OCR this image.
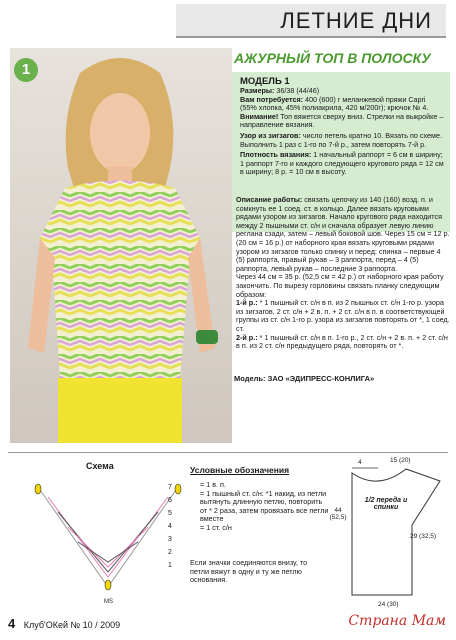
ЛЕТНИЕ ДНИ
1
АЖУРНЫЙ ТОП В ПОЛОСКУ
МОДЕЛЬ 1
Размеры: 36/38 (44/46)
Вам потребуется: 400 (600) г меланжевой пряжи Capri (55% хлопка, 45% полиакрила, 420 м/200г); крючок № 4.
Внимание! Топ вяжется сверху вниз. Стрелки на выкройке – направление вязания.
Узор из зигзагов: число петель кратно 10. Вязать по схеме. Выполнить 1 раз с 1-го по 7-й р., затем повторять 7-й р.
Плотность вязания: 1 начальный раппорт = 6 см в ширину; 1 раппорт 7-го и каждого следующего кругового ряда = 12 см в ширину; 8 р. = 10 см в высоту.
Описание работы: связать цепочку из 140 (160) возд. п. и сомкнуть ее 1 соед. ст. в кольцо. Далее вязать круговыми рядами узором из зигзагов. Начало кругового ряда находится между 2 пышными ст. с/н и сначала образует левую линию реглана сзади, затем – левый боковой шов. Через 15 см = 12 р. (20 см = 16 р.) от наборного края вязать круговыми рядами узором из зигзагов только спинку и перед: спинка – первые 4 (5) раппорта, правый рукав – 3 раппорта, перед – 4 (5) раппорта, левый рукав – последние 3 раппорта.
Через 44 см = 35 р. (52,5 см = 42 р.) от наборного края работу закончить. По вырезу горловины связать планку следующим образом:
1-й р.: * 1 пышный ст. с/н в п. из 2 пышных ст. с/н 1-го р. узора из зигзагов, 2 ст. с/н + 2 в. п. + 2 ст. с/н в п. в соответствующей группы из ст. с/н 1-го р. узора из зигзагов повторять от *, 1 соед. ст.
2-й р.: * 1 пышный ст. с/н в п. 1-го р., 2 ст. с/н + 2 в. п. + 2 ст. с/н в п. из 2 ст. с/н предыдущего ряда, повторять от *.
Модель: ЗАО «ЭДИПРЕСС-КОНЛИГА»
Схема
7
6
5
4
3
2
1
MS
Условные обозначения
= 1 в. п.
= 1 пышный ст. с/н: *1 накид, из петли вытянуть длинную петлю, повторить от * 2 раза, затем провязать все петли вместе
= 1 ст. с/н
Если значки соединяются внизу, то петли вяжут в одну и ту же петлю основания.
15 (20)
4
44 (52,5)
1/2 переда и спинки
29 (32,5)
24 (30)
4 Клуб'ОКей № 10 / 2009	Страна Мам
